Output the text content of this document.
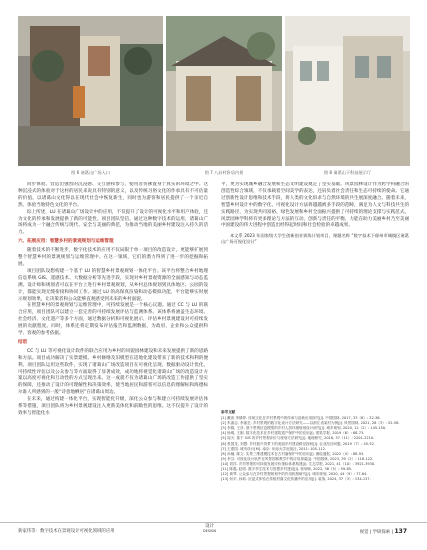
图 6 诸葛山广场入口	图 7 八卦村卧居内景	图 8 诸葛山下科技展示厅

同步体验。营造出强烈的沉浸感、交互感和参与，使用者仿佛置身于真实的环境之中。这种沉浸式的体验对于这村的居民来说具有特别的意义，以及传统习俗文化的作承具有不可估量的价值。以诸葛山文化得以在现代社会中恢复新生，同时也为游客和居民提供了一个亲近自然、体验当地特色文化的平台。

综上所述，LU 在诸葛山广场设计中的应用，不仅提升了设计的可视化水平和用户体验，还为文化的传承和发展提供了新的可能性。项目团队坚信，通过这种数字技术的运用，诸葛山广场将成为一个融合传统与现代、安全与美丽的典范，为推动当地的美丽乡村建设注入持久的活力。

六、拓展应用：智慧乡村的景观规划与运维管理

随着技术的不断进步，数字化技术的应用不仅局限于单一项目的改造设计，更能够扩展到整个智慧乡村的景观规划与运维管理中。在这一领域，它们的潜力得到了进一步的挖掘和拓展。

项目团队设想构建一个基于 LU 的智慧乡村景观规划一体化平台。该平台将整合乡村地理信息系统 GIS、遥感技术、大数据分析等先进手段，实现对乡村景观资源的全面感知与动态监测。设计师和规划者可以在平台上进行乡村景观规划，从乡村总体规划到具体地区、公园的设计，都能实现无缝衔接和协同工作。通过 LU 的高保真渲染和动态模拟功能，平台能够实时展示规划效果，让决策者和公众能够直观感受到未来的乡村面貌。

在智慧乡村的景观规划与运维管理中，可持续发展是一个核心议题。通过 CC 与 LU 的联合应用，项目团队可以建立一套完善的可持续发展评估与监测体系。该体系将涵盖生态环境、社会经济、文化遗产等多个方面，通过数据分析和可视化展示，评估乡村景观建设对可持续发展的贡献程度。同时，体系还将定期发布评估报告和监测数据，为政府、企业和公众提供科学、客观的参考依据。

结语

CC 与 LU 等可视化设计软件的联合应用为乡村的风貌园林建设和未来发展提供了新的思路和方法。项目成功解决了实景建模、乡村修缮及旧模型在适地化建设带来了新的技术和利的便利。项目团队运用这些软件，实现了诸葛山广场改造项目在可视化呈现、数据驱动设计优化、可持续性评估以及公众参与等方面取得了显著成效，成功地将视觉化诸葛山广场的改造设计方案以高度可视化和互动性的方式呈现出来。这一成就不仅为诸葛山广场的改造工作提供了坚实的保障，还推动了设计的可理解性和决策效率，使当地居民和游客可以信息的理解标和海德标尔谁人所感到的一般“诗意地栖居”在诸葛山周边。

在未来，通过构建一体化平台，实现智能化升级，深化公众参与和建立可持续发展评估体系等措施，项目团队将为乡村景观建设注入更新美体化和前瞻性的思维。这不仅提升了设计的效率与智能化水

平，更为实现城乡融合发展和生态文明建设奠定了坚实基础。风景园林设计作为跨学科融合的创造性综合领域，不仅承载着空间美学的表达，还肩负着社会责任和生态可持续的使命。它通过创新性设计思维和技术手段，将人类的文化诉求与自然环境的共生展深度融合。随着未来，智慧乡村设计中的数字化、可视化设计方法将越越被多手段的范畴，满足为人文与科技共生的实践路径，为实现共同富裕、绿色发展和乡村全面振兴提供了可持续的理论支撑与实践范式。风景园林学科将有更多理论与方法的互动、创新与责任的平衡，力能在助力美丽乡村乃至美丽中国建设的伟大进程中创造出经得起时间和社会检验的卓越成果。

本文系 2023 年国家级大学生创新创业训练计划项目，课题名称 “数字技术下郁州市城镇区诸葛山广场可视化设计”

参考文献
[1] 戴淡 李婧婷. 传统文化在乡村景观中的传承与创新应用探究[J]. 中国园林, 2017, 33（8）: 32-36.
[2] 朱嘉志, 李嘉芸. 乡村景观的数字化设计方法研究——以浙江省某村为例[J]. 风景园林, 2021, 28（3）: 52-58.
[3] 李娟, 王彦. 基于景观信息模型的乡村人居环境规划设计研究[J]. 城乡规划, 2020, 12（2）: 145-150.
[4] 杨明, 王刚. 数字化技术在乡村建筑遗产保护中的应用[J]. 建筑学报, 2019（6）: 68-73.
[5] 周天. 基于 GIS 的乡村景观评价与规划方法研究[J]. 地理研究, 2018, 37（11）: 2201-2210.
[6] 张国龙, 刘慧. 乡村振兴背景下的美丽乡村建设路径探析[J]. 农业经济问题, 2019（7）: 45-52.
[7] 王建国. 城市设计[M]. 南京: 东南大学出版社, 2011: 105-112.
[8] 孙楠, 陈文. 实景三维建模技术在古村落保护中的应用[J]. 测绘通报, 2022（4）: 88-93.
[9] 李芬. 可视化设计软件在风景园林教学中的应用探索[J]. 中国园林, 2023, 39（2）: 118-122.
[10] 刘洋. 乡村景观的可持续发展评价指标体系构建[J]. 生态学报, 2021, 41（10）: 3921-3930.
[11] 陈磊, 赵明. 数字孪生技术与智慧乡村建设[J]. 规划师, 2022, 38（5）: 59-65.
[12] 黄琴. 公众参与在乡村景观规划中的作用机制研究[J]. 城市规划, 2020, 44（9）: 77-84.
[13] 何平, 孙莉. 沉浸式体验在传统村落文化传播中的应用[J]. 装饰, 2024, 37（3）: 134-137.
新家伟等：数字技术在景观设计可视化领域的应用
设计
DESIGN	视觉 | 学研探索 | 137
